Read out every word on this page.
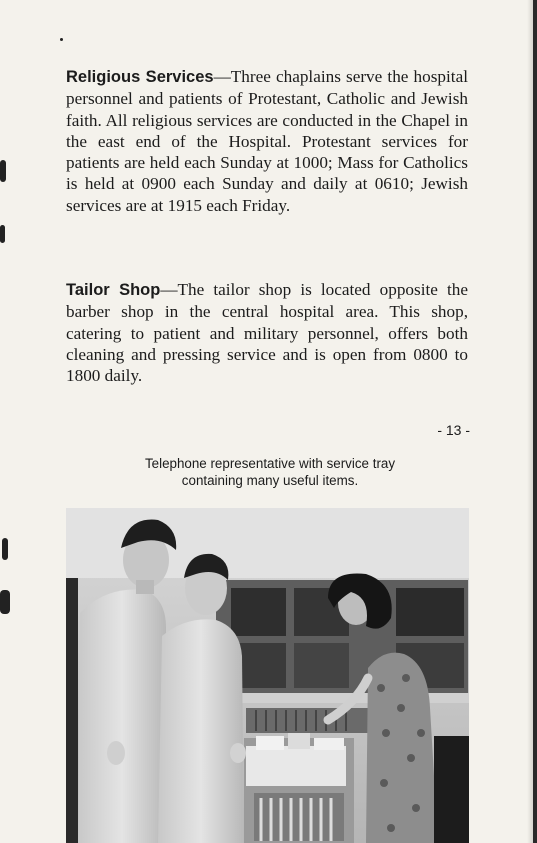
Religious Services—Three chaplains serve the hospital personnel and patients of Protestant, Catholic and Jewish faith. All religious services are conducted in the Chapel in the east end of the Hospital. Protestant services for patients are held each Sunday at 1000; Mass for Catholics is held at 0900 each Sunday and daily at 0610; Jewish services are at 1915 each Friday.

Tailor Shop—The tailor shop is located opposite the barber shop in the central hospital area. This shop, catering to patient and military personnel, offers both cleaning and pressing service and is open from 0800 to 1800 daily.

- 13 -
Telephone representative with service tray
containing many useful items.
